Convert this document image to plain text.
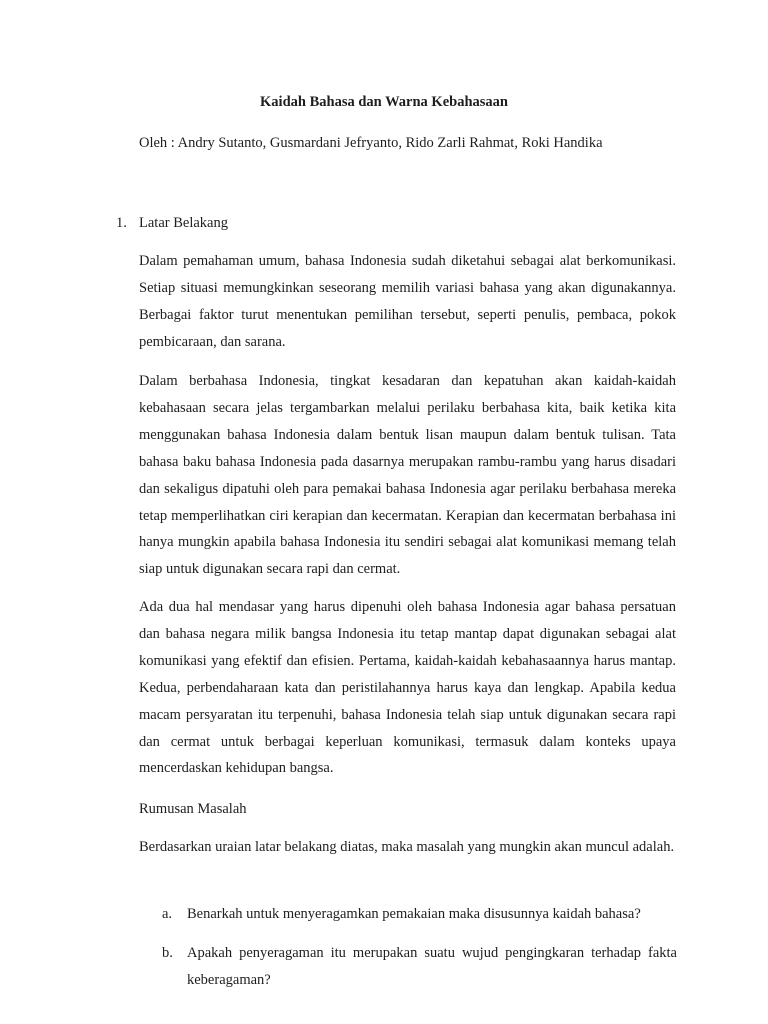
Kaidah Bahasa dan Warna Kebahasaan
Oleh : Andry Sutanto, Gusmardani Jefryanto, Rido Zarli Rahmat, Roki Handika
1. Latar Belakang

Dalam pemahaman umum, bahasa Indonesia sudah diketahui sebagai alat berkomunikasi. Setiap situasi memungkinkan seseorang memilih variasi bahasa yang akan digunakannya. Berbagai faktor turut menentukan pemilihan tersebut, seperti penulis, pembaca, pokok pembicaraan, dan sarana.

Dalam berbahasa Indonesia, tingkat kesadaran dan kepatuhan akan kaidah-kaidah kebahasaan secara jelas tergambarkan melalui perilaku berbahasa kita, baik ketika kita menggunakan bahasa Indonesia dalam bentuk lisan maupun dalam bentuk tulisan. Tata bahasa baku bahasa Indonesia pada dasarnya merupakan rambu-rambu yang harus disadari dan sekaligus dipatuhi oleh para pemakai bahasa Indonesia agar perilaku berbahasa mereka tetap memperlihatkan ciri kerapian dan kecermatan. Kerapian dan kecermatan berbahasa ini hanya mungkin apabila bahasa Indonesia itu sendiri sebagai alat komunikasi memang telah siap untuk digunakan secara rapi dan cermat.

Ada dua hal mendasar yang harus dipenuhi oleh bahasa Indonesia agar bahasa persatuan dan bahasa negara milik bangsa Indonesia itu tetap mantap dapat digunakan sebagai alat komunikasi yang efektif dan efisien. Pertama, kaidah-kaidah kebahasaannya harus mantap. Kedua, perbendaharaan kata dan peristilahannya harus kaya dan lengkap. Apabila kedua macam persyaratan itu terpenuhi, bahasa Indonesia telah siap untuk digunakan secara rapi dan cermat untuk berbagai keperluan komunikasi, termasuk dalam konteks upaya mencerdaskan kehidupan bangsa.

Rumusan Masalah

Berdasarkan uraian latar belakang diatas, maka masalah yang mungkin akan muncul adalah.

a. Benarkah untuk menyeragamkan pemakaian maka disusunnya kaidah bahasa?

b. Apakah penyeragaman itu merupakan suatu wujud pengingkaran terhadap fakta keberagaman?
